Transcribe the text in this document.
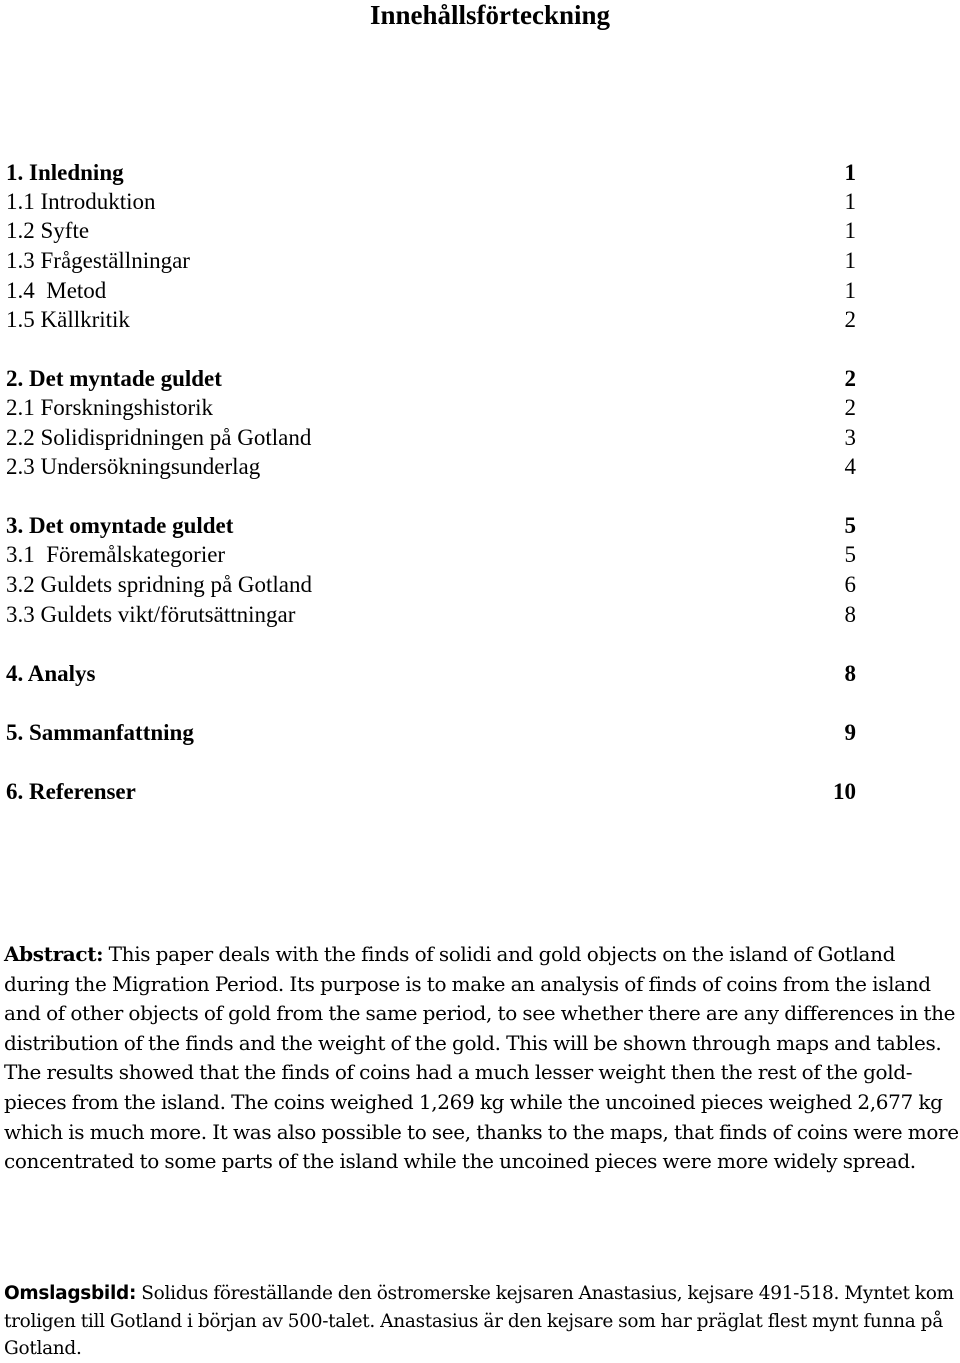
Innehållsförteckning
1. Inledning	1
1.1 Introduktion	1
1.2 Syfte	1
1.3 Frågeställningar	1
1.4  Metod	1
1.5 Källkritik	2
2. Det myntade guldet	2
2.1 Forskningshistorik	2
2.2 Solidispridningen på Gotland	3
2.3 Undersökningsunderlag	4
3. Det omyntade guldet	5
3.1  Föremålskategorier	5
3.2 Guldets spridning på Gotland	6
3.3 Guldets vikt/förutsättningar	8
4. Analys	8
5. Sammanfattning	9
6. Referenser	10
Abstract: This paper deals with the finds of solidi and gold objects on the island of Gotland during the Migration Period. Its purpose is to make an analysis of finds of coins from the island and of other objects of gold from the same period, to see whether there are any differences in the distribution of the finds and the weight of the gold. This will be shown through maps and tables. The results showed that the finds of coins had a much lesser weight then the rest of the gold-pieces from the island. The coins weighed 1,269 kg while the uncoined pieces weighed 2,677 kg which is much more. It was also possible to see, thanks to the maps, that finds of coins were more concentrated to some parts of the island while the uncoined pieces were more widely spread.
Omslagsbild: Solidus föreställande den östromerske kejsaren Anastasius, kejsare 491-518. Myntet kom troligen till Gotland i början av 500-talet. Anastasius är den kejsare som har präglat flest mynt funna på Gotland.
